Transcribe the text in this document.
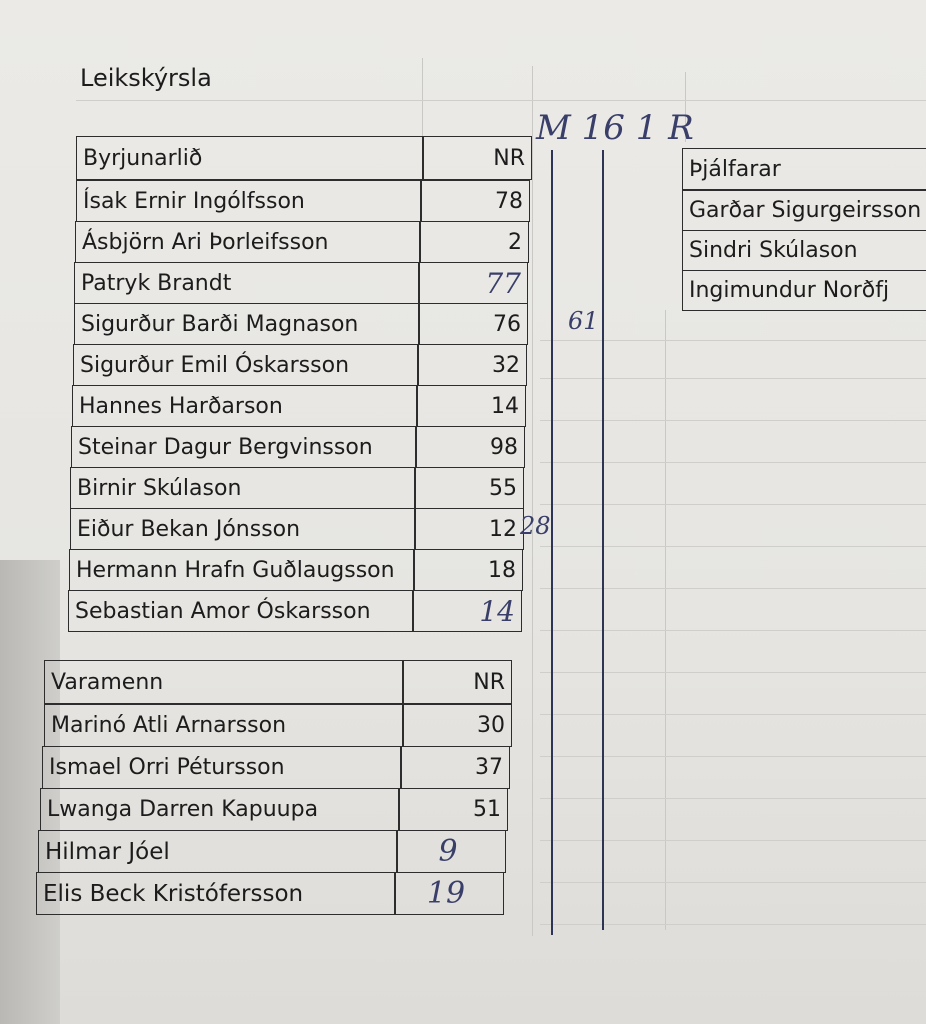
Leikskýrsla
M 16 1 R
Byrjunarlið	NR
Ísak Ernir Ingólfsson	78
Ásbjörn Ari Þorleifsson	2
Patryk Brandt	77
Sigurður Barði Magnason	76
Sigurður Emil Óskarsson	32
Hannes Harðarson	14
Steinar Dagur Bergvinsson	98
Birnir Skúlason	55
Eiður Bekan Jónsson	12
Hermann Hrafn Guðlaugsson	18
Sebastian Amor Óskarsson	14
61
28
Varamenn	NR
Marinó Atli Arnarsson	30
Ismael Orri Pétursson	37
Lwanga Darren Kapuupa	51
Hilmar Jóel	9
Elis Beck Kristófersson	19
Þjálfarar
Garðar Sigurgeirsson
Sindri Skúlason
Ingimundur Norðfj
